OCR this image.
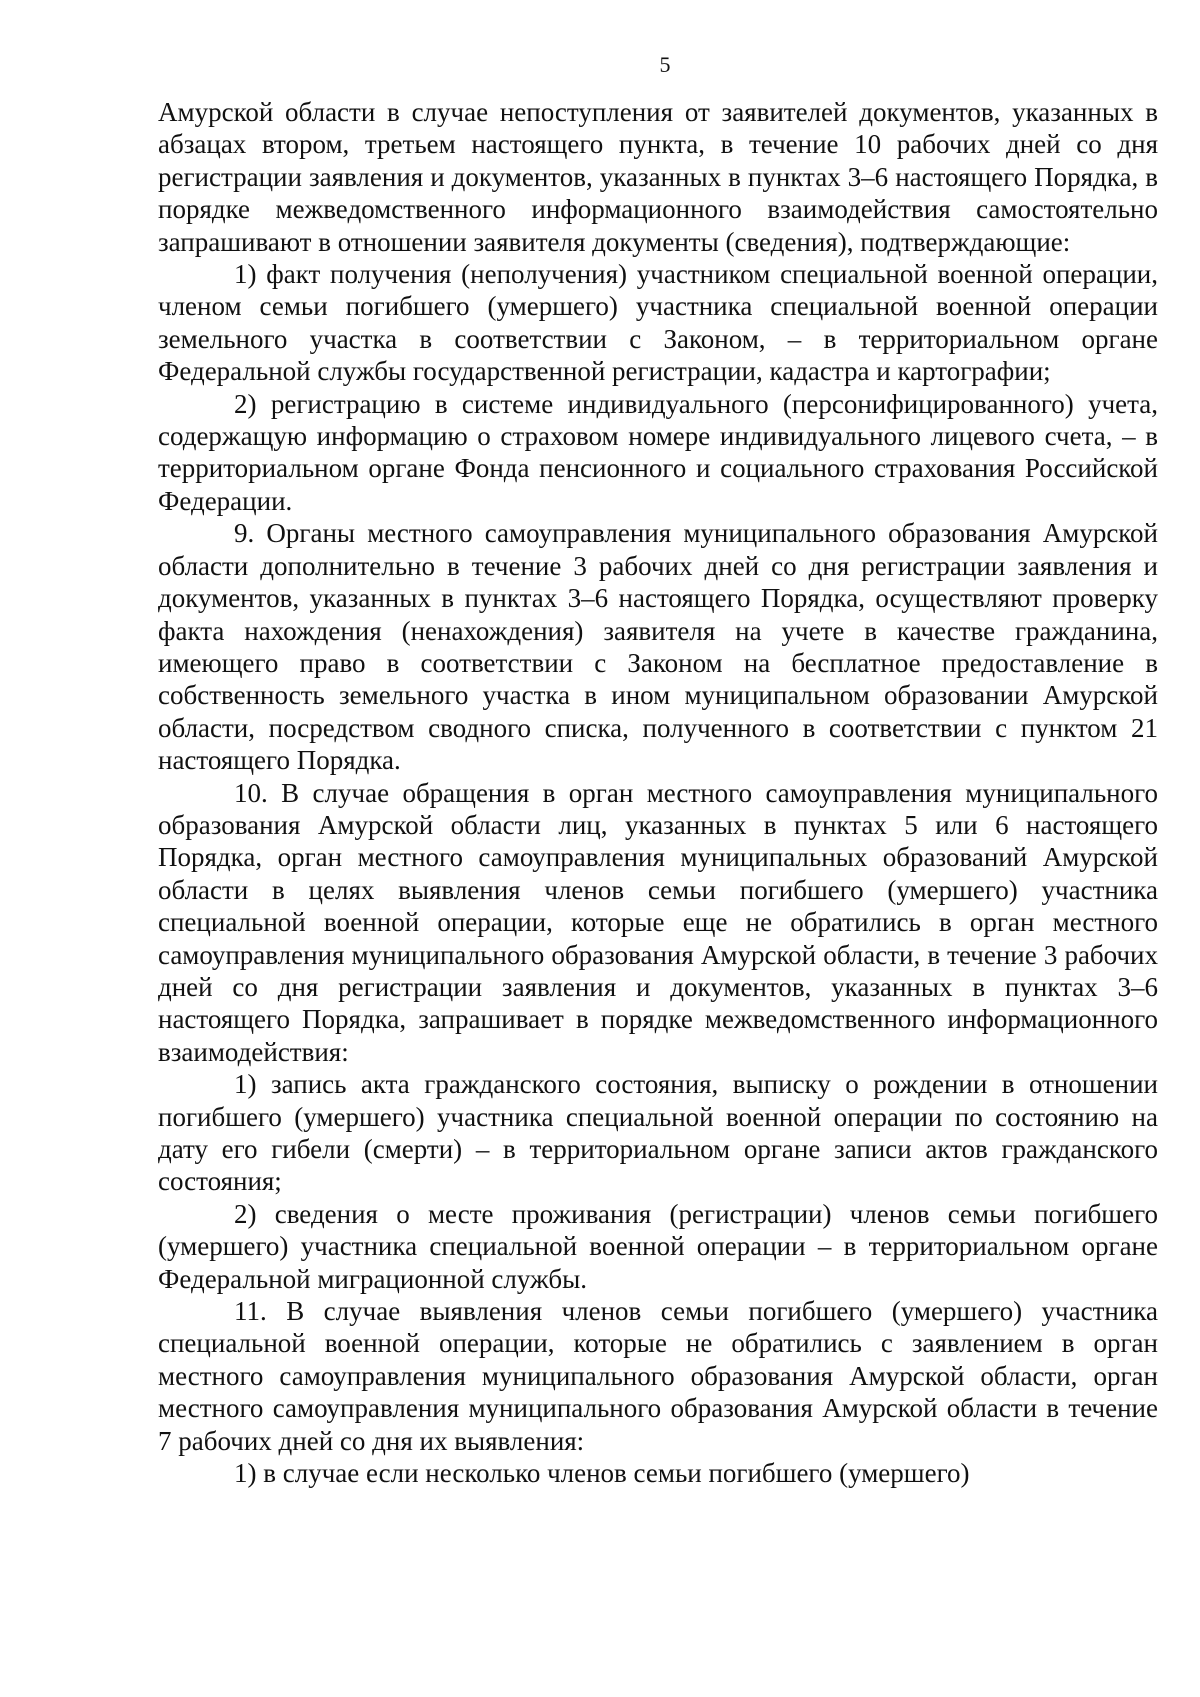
5

Амурской области в случае непоступления от заявителей документов, указанных в абзацах втором, третьем настоящего пункта, в течение 10 рабочих дней со дня регистрации заявления и документов, указанных в пунктах 3–6 настоящего Порядка, в порядке межведомственного информационного взаимодействия самостоятельно запрашивают в отношении заявителя документы (сведения), подтверждающие:

1) факт получения (неполучения) участником специальной военной операции, членом семьи погибшего (умершего) участника специальной военной операции земельного участка в соответствии с Законом, – в территориальном органе Федеральной службы государственной регистрации, кадастра и картографии;

2) регистрацию в системе индивидуального (персонифицированного) учета, содержащую информацию о страховом номере индивидуального лицевого счета, – в территориальном органе Фонда пенсионного и социального страхования Российской Федерации.

9. Органы местного самоуправления муниципального образования Амурской области дополнительно в течение 3 рабочих дней со дня регистрации заявления и документов, указанных в пунктах 3–6 настоящего Порядка, осуществляют проверку факта нахождения (ненахождения) заявителя на учете в качестве гражданина, имеющего право в соответствии с Законом на бесплатное предоставление в собственность земельного участка в ином муниципальном образовании Амурской области, посредством сводного списка, полученного в соответствии с пунктом 21 настоящего Порядка.

10. В случае обращения в орган местного самоуправления муниципального образования Амурской области лиц, указанных в пунктах 5 или 6 настоящего Порядка, орган местного самоуправления муниципальных образований Амурской области в целях выявления членов семьи погибшего (умершего) участника специальной военной операции, которые еще не обратились в орган местного самоуправления муниципального образования Амурской области, в течение 3 рабочих дней со дня регистрации заявления и документов, указанных в пунктах 3–6 настоящего Порядка, запрашивает в порядке межведомственного информационного взаимодействия:

1) запись акта гражданского состояния, выписку о рождении в отношении погибшего (умершего) участника специальной военной операции по состоянию на дату его гибели (смерти) – в территориальном органе записи актов гражданского состояния;

2) сведения о месте проживания (регистрации) членов семьи погибшего (умершего) участника специальной военной операции – в территориальном органе Федеральной миграционной службы.

11. В случае выявления членов семьи погибшего (умершего) участника специальной военной операции, которые не обратились с заявлением в орган местного самоуправления муниципального образования Амурской области, орган местного самоуправления муниципального образования Амурской области в течение 7 рабочих дней со дня их выявления:

1) в случае если несколько членов семьи погибшего (умершего)
